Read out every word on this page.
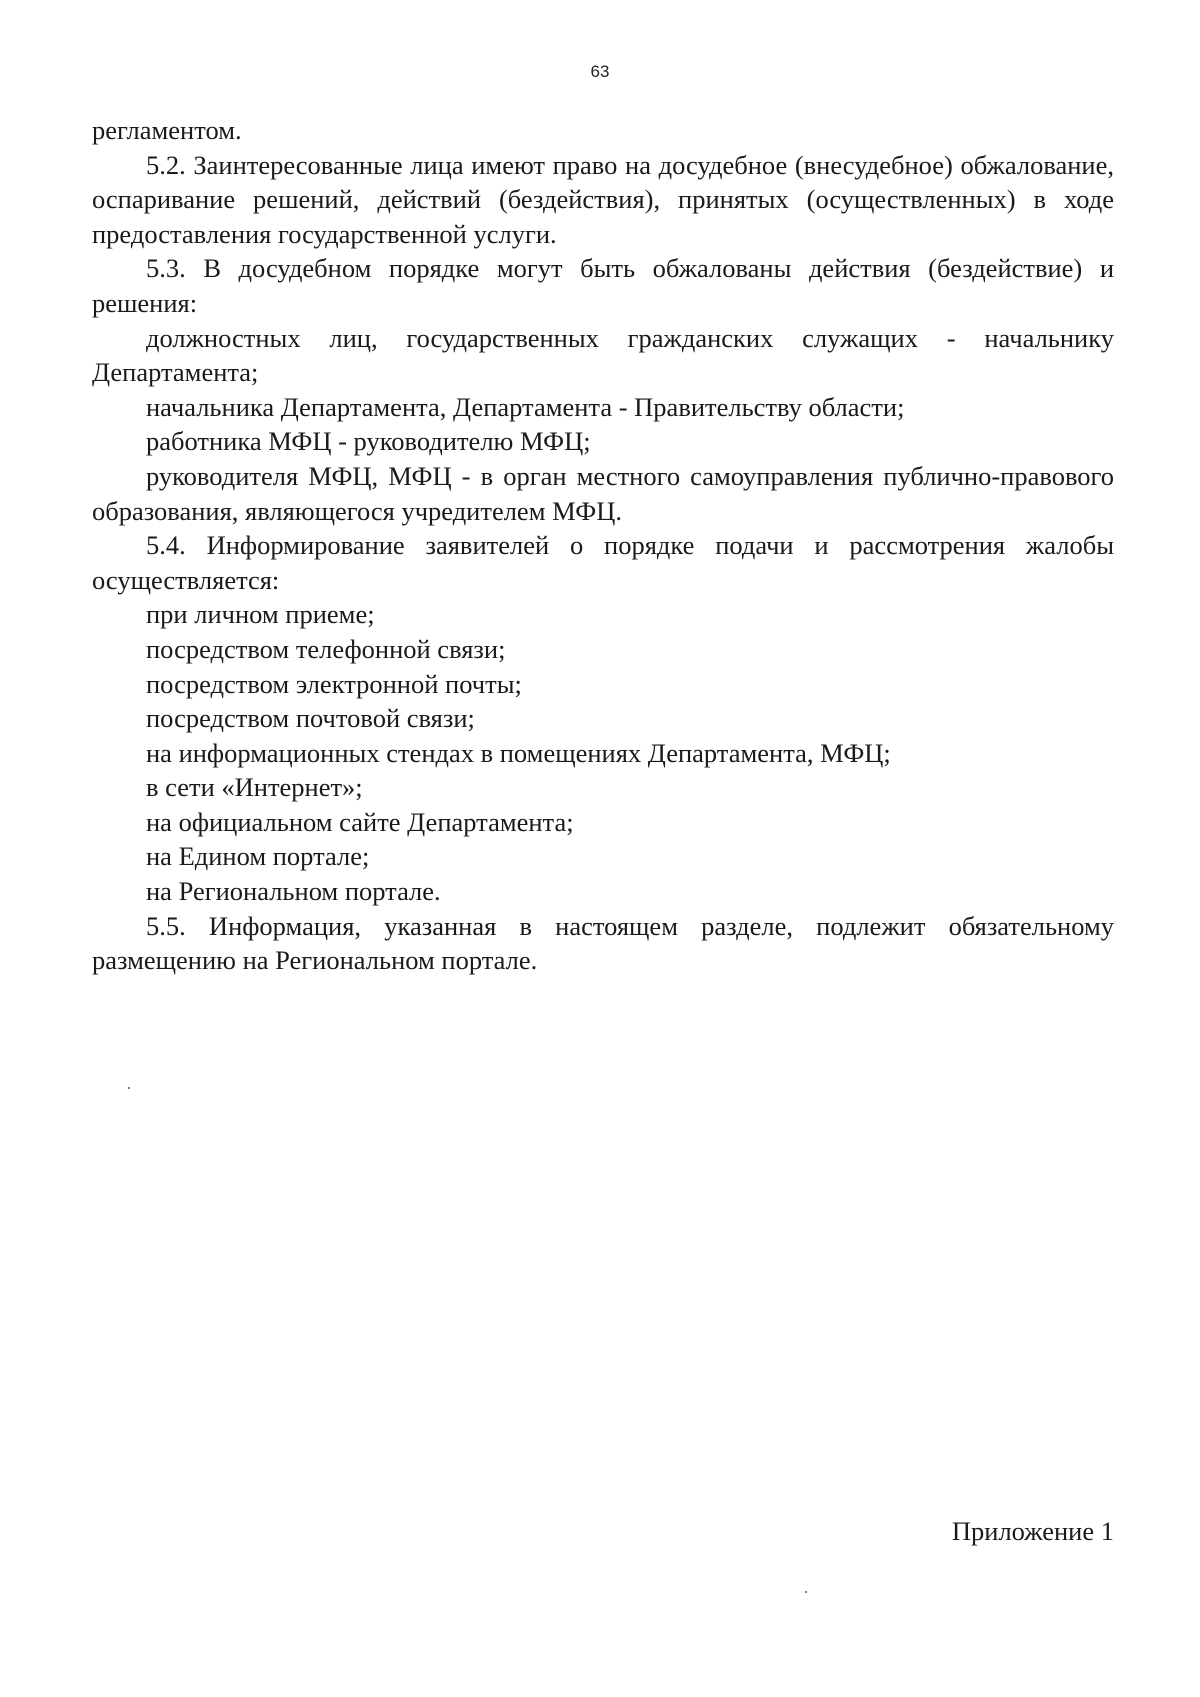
63

регламентом.

5.2. Заинтересованные лица имеют право на досудебное (внесудебное) обжалование, оспаривание решений, действий (бездействия), принятых (осуществленных) в ходе предоставления государственной услуги.

5.3. В досудебном порядке могут быть обжалованы действия (бездействие) и решения:

должностных лиц, государственных гражданских служащих - начальнику Департамента;

начальника Департамента, Департамента - Правительству области;

работника МФЦ - руководителю МФЦ;

руководителя МФЦ, МФЦ - в орган местного самоуправления публично-правового образования, являющегося учредителем МФЦ.

5.4. Информирование заявителей о порядке подачи и рассмотрения жалобы осуществляется:

при личном приеме;

посредством телефонной связи;

посредством электронной почты;

посредством почтовой связи;

на информационных стендах в помещениях Департамента, МФЦ;

в сети «Интернет»;

на официальном сайте Департамента;

на Едином портале;

на Региональном портале.

5.5. Информация, указанная в настоящем разделе, подлежит обязательному размещению на Региональном портале.

Приложение 1
